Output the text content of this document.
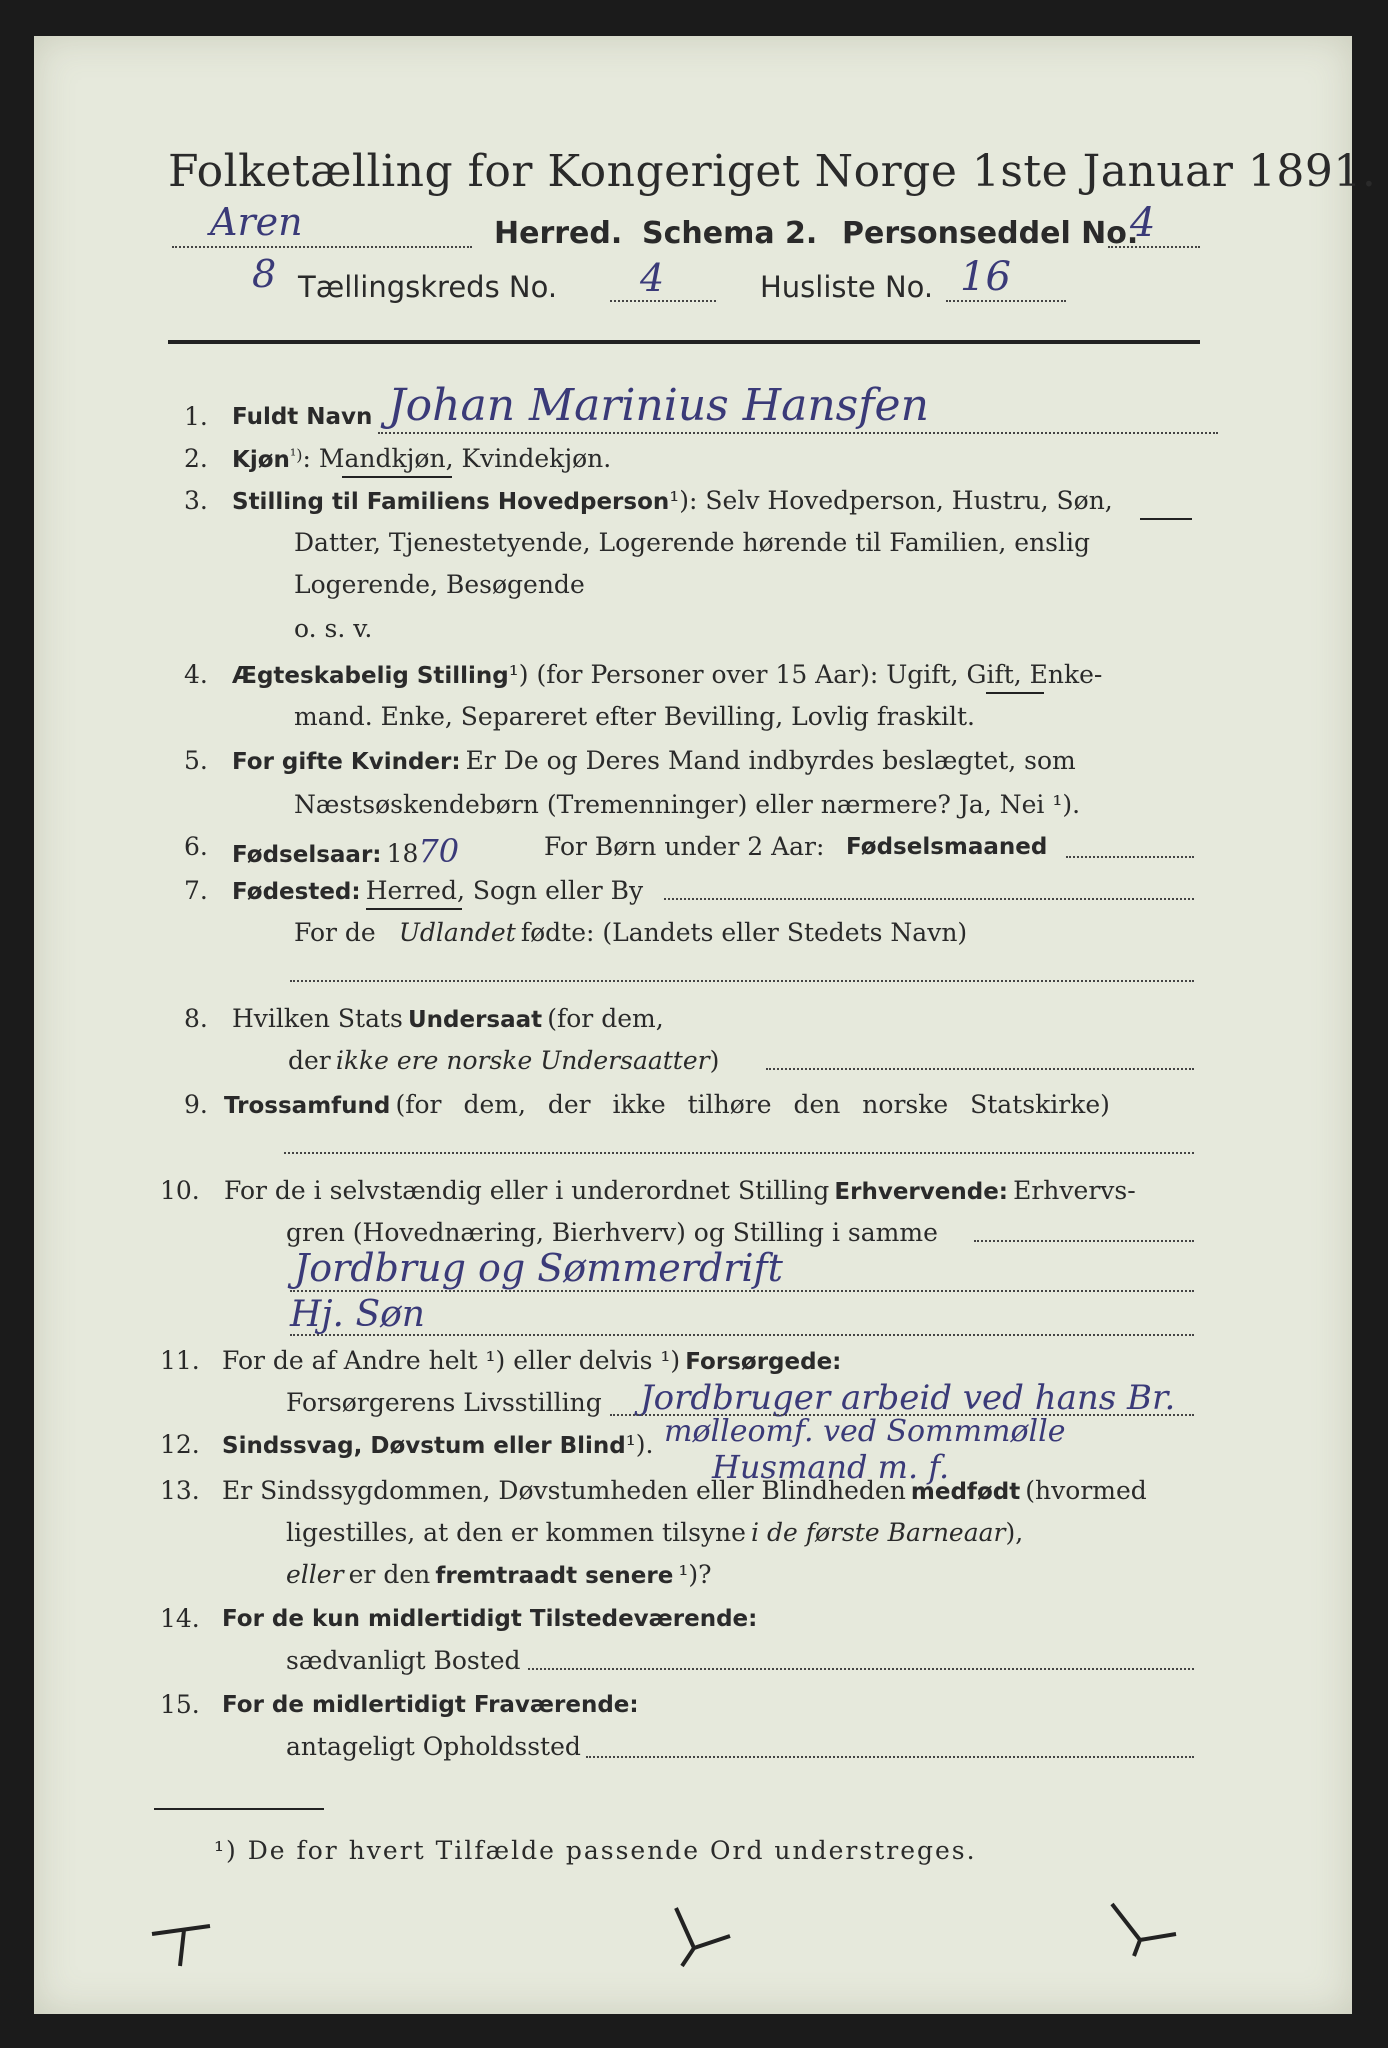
Folketælling for Kongeriget Norge 1ste Januar 1891.
Aren	Herred. Schema 2. Personseddel No.
4
8 Tællingskreds No. 4	Husliste No. 16
1. Fuldt Navn Johan Marinius Hansfen
2. Kjøn¹): Mandkjøn, Kvindekjøn.
3. Stilling til Familiens Hovedperson¹): Selv Hovedperson, Hustru, Søn,
Datter, Tjenestetyende, Logerende hørende til Familien, enslig
Logerende, Besøgende
o. s. v.
4. Ægteskabelig Stilling¹) (for Personer over 15 Aar): Ugift, Gift, Enke-
mand. Enke, Separeret efter Bevilling, Lovlig fraskilt.
5. For gifte Kvinder: Er De og Deres Mand indbyrdes beslægtet, som
Næstsøskendebørn (Tremenninger) eller nærmere? Ja, Nei ¹).
6. Fødselsaar: 1870	For Børn under 2 Aar: Fødselsmaaned
7. Fødested: Herred, Sogn eller By
For de Udlandet fødte: (Landets eller Stedets Navn)
8. Hvilken Stats Undersaat (for dem,
der ikke ere norske Undersaatter)
9. Trossamfund (for dem, der ikke tilhøre den norske Statskirke)
10. For de i selvstændig eller i underordnet Stilling Erhvervende: Erhvervs-
gren (Hovednæring, Bierhverv) og Stilling i samme
Jordbrug og Sømmerdrift
Hj. Søn
11. For de af Andre helt ¹) eller delvis ¹) Forsørgede:
Forsørgerens Livsstilling Jordbruger arbeid ved hans Br.
12. Sindssvag, Døvstum eller Blind¹). mølleomf. ved Sommmølle
Husmand m. f.
13. Er Sindssygdommen, Døvstumheden eller Blindheden medfødt (hvormed
ligestilles, at den er kommen tilsyne i de første Barneaar),
eller er den fremtraadt senere ¹)?
14. For de kun midlertidigt Tilstedeværende:
sædvanligt Bosted
15. For de midlertidigt Fraværende:
antageligt Opholdssted
¹) De for hvert Tilfælde passende Ord understreges.
